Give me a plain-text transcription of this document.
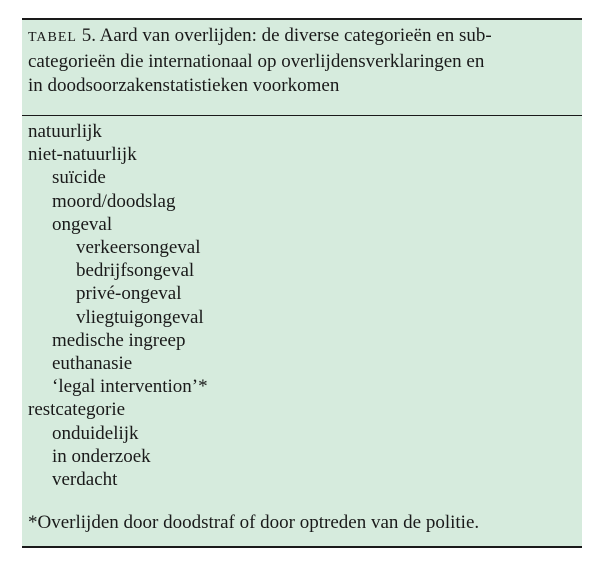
TABEL 5. Aard van overlijden: de diverse categorieën en sub-
categorieën die internationaal op overlijdensverklaringen en
in doodsoorzakenstatistieken voorkomen
natuurlijk
niet-natuurlijk
suïcide
moord/doodslag
ongeval
verkeersongeval
bedrijfsongeval
privé-ongeval
vliegtuigongeval
medische ingreep
euthanasie
‘legal intervention’*
restcategorie
onduidelijk
in onderzoek
verdacht
*Overlijden door doodstraf of door optreden van de politie.
